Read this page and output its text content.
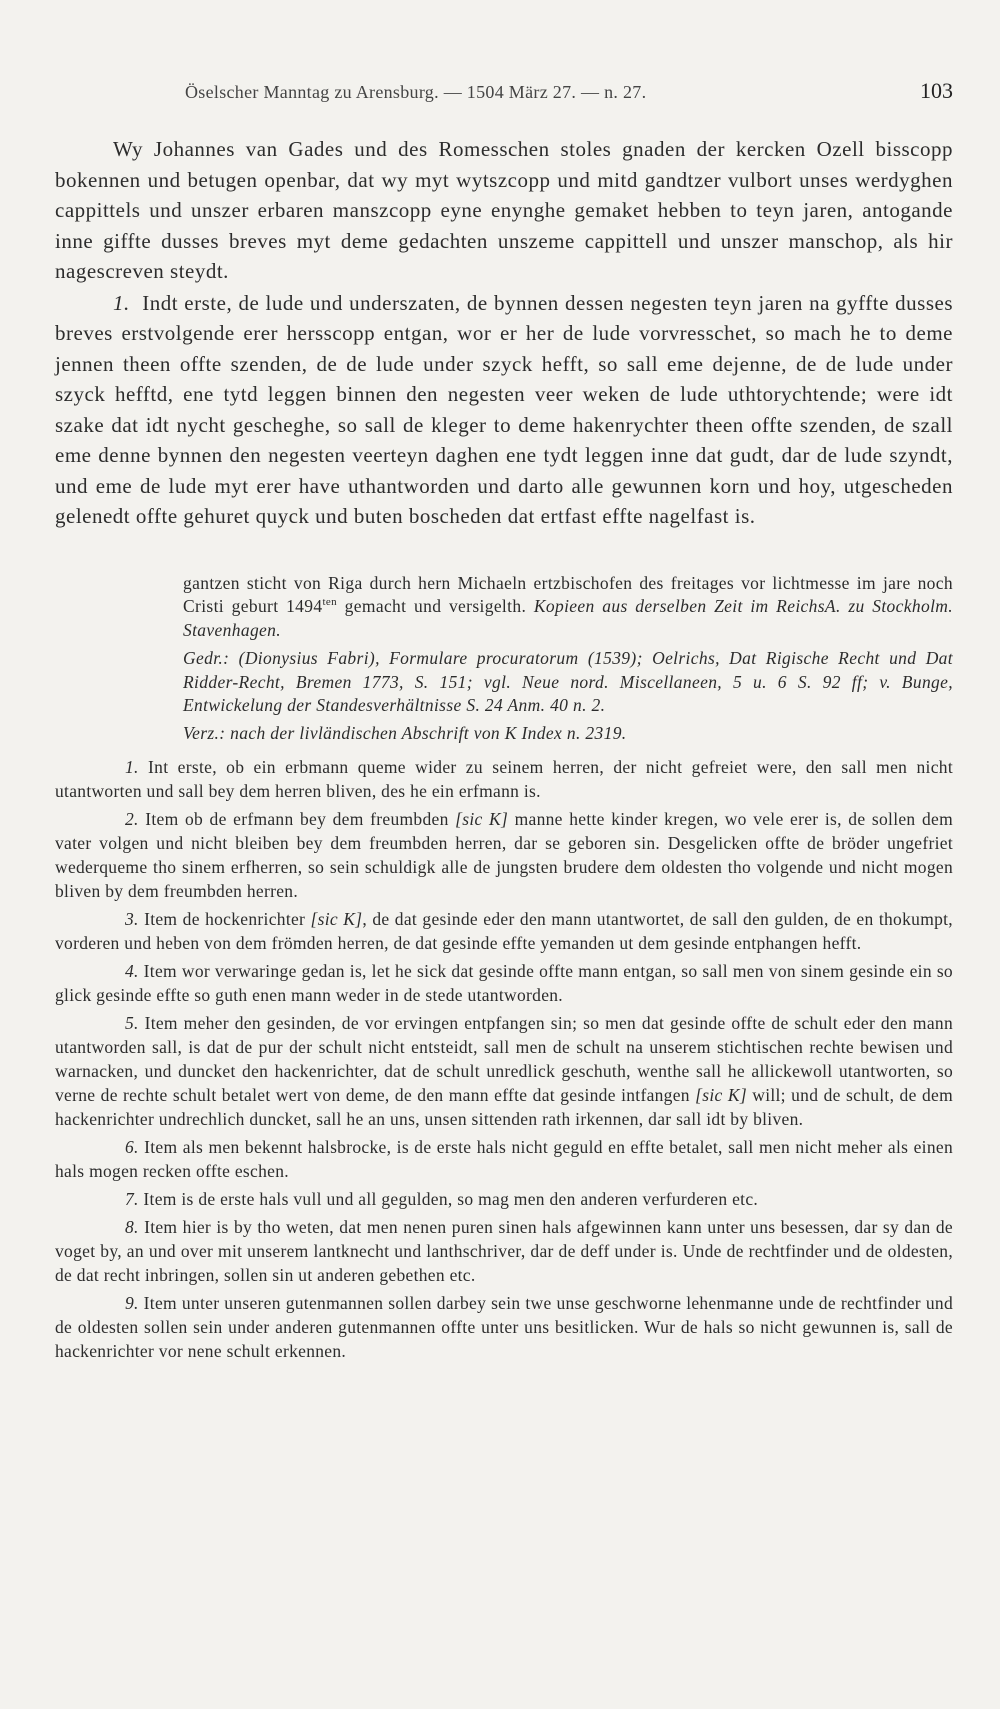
Öselscher Manntag zu Arensburg. — 1504 März 27. — n. 27.	103

Wy Johannes van Gades und des Romesschen stoles gnaden der kercken Ozell bisscopp bokennen und betugen openbar, dat wy myt wytszcopp und mitd gandtzer vulbort unses werdyghen cappittels und unszer erbaren manszcopp eyne enynghe gemaket hebben to teyn jaren, antogande inne giffte dusses breves myt deme gedachten unszeme cappittell und unszer manschop, als hir nagescreven steydt.

1. Indt erste, de lude und underszaten, de bynnen dessen negesten teyn jaren na gyffte dusses breves erstvolgende erer hersscopp entgan, wor er her de lude vorvresschet, so mach he to deme jennen theen offte szenden, de de lude under szyck hefft, so sall eme dejenne, de de lude under szyck hefftd, ene tytd leggen binnen den negesten veer weken de lude uthtorychtende; were idt szake dat idt nycht gescheghe, so sall de kleger to deme hakenrychter theen offte szenden, de szall eme denne bynnen den negesten veerteyn daghen ene tydt leggen inne dat gudt, dar de lude szyndt, und eme de lude myt erer have uthantworden und darto alle gewunnen korn und hoy, utgescheden gelenedt offte gehuret quyck und buten boscheden dat ertfast effte nagelfast is.

gantzen sticht von Riga durch hern Michaeln ertzbischofen des freitages vor lichtmesse im jare noch Cristi geburt $1494^{ten}$ gemacht und versigelth. Kopieen aus derselben Zeit im ReichsA. zu Stockholm. Stavenhagen.

Gedr.: (Dionysius Fabri), Formulare procuratorum (1539); Oelrichs, Dat Rigische Recht und Dat Ridder-Recht, Bremen 1773, S. 151; vgl. Neue nord. Miscellaneen, 5 u. 6 S. 92 ff; v. Bunge, Entwickelung der Standesverhältnisse S. 24 Anm. 40 n. 2.

Verz.: nach der livländischen Abschrift von K Index n. 2319.

1. Int erste, ob ein erbmann queme wider zu seinem herren, der nicht gefreiet were, den sall men nicht utantworten und sall bey dem herren bliven, des he ein erfmann is.

2. Item ob de erfmann bey dem freumbden [sic K] manne hette kinder kregen, wo vele erer is, de sollen dem vater volgen und nicht bleiben bey dem freumbden herren, dar se geboren sin. Desgelicken offte de bröder ungefriet wederqueme tho sinem erfherren, so sein schuldigk alle de jungsten brudere dem oldesten tho volgende und nicht mogen bliven by dem freumbden herren.

3. Item de hockenrichter [sic K], de dat gesinde eder den mann utantwortet, de sall den gulden, de en thokumpt, vorderen und heben von dem frömden herren, de dat gesinde effte yemanden ut dem gesinde entphangen hefft.

4. Item wor verwaringe gedan is, let he sick dat gesinde offte mann entgan, so sall men von sinem gesinde ein so glick gesinde effte so guth enen mann weder in de stede utantworden.

5. Item meher den gesinden, de vor ervingen entpfangen sin; so men dat gesinde offte de schult eder den mann utantworden sall, is dat de pur der schult nicht entsteidt, sall men de schult na unserem stichtischen rechte bewisen und warnacken, und duncket den hackenrichter, dat de schult unredlick geschuth, wenthe sall he allickewoll utantworten, so verne de rechte schult betalet wert von deme, de den mann effte dat gesinde intfangen [sic K] will; und de schult, de dem hackenrichter undrechlich duncket, sall he an uns, unsen sittenden rath irkennen, dar sall idt by bliven.

6. Item als men bekennt halsbrocke, is de erste hals nicht geguld en effte betalet, sall men nicht meher als einen hals mogen recken offte eschen.

7. Item is de erste hals vull und all gegulden, so mag men den anderen verfurderen etc.

8. Item hier is by tho weten, dat men nenen puren sinen hals afgewinnen kann unter uns besessen, dar sy dan de voget by, an und over mit unserem lantknecht und lanthschriver, dar de deff under is. Unde de rechtfinder und de oldesten, de dat recht inbringen, sollen sin ut anderen gebethen etc.

9. Item unter unseren gutenmannen sollen darbey sein twe unse geschworne lehenmanne unde de rechtfinder und de oldesten sollen sein under anderen gutenmannen offte unter uns besitlicken. Wur de hals so nicht gewunnen is, sall de hackenrichter vor nene schult erkennen.
